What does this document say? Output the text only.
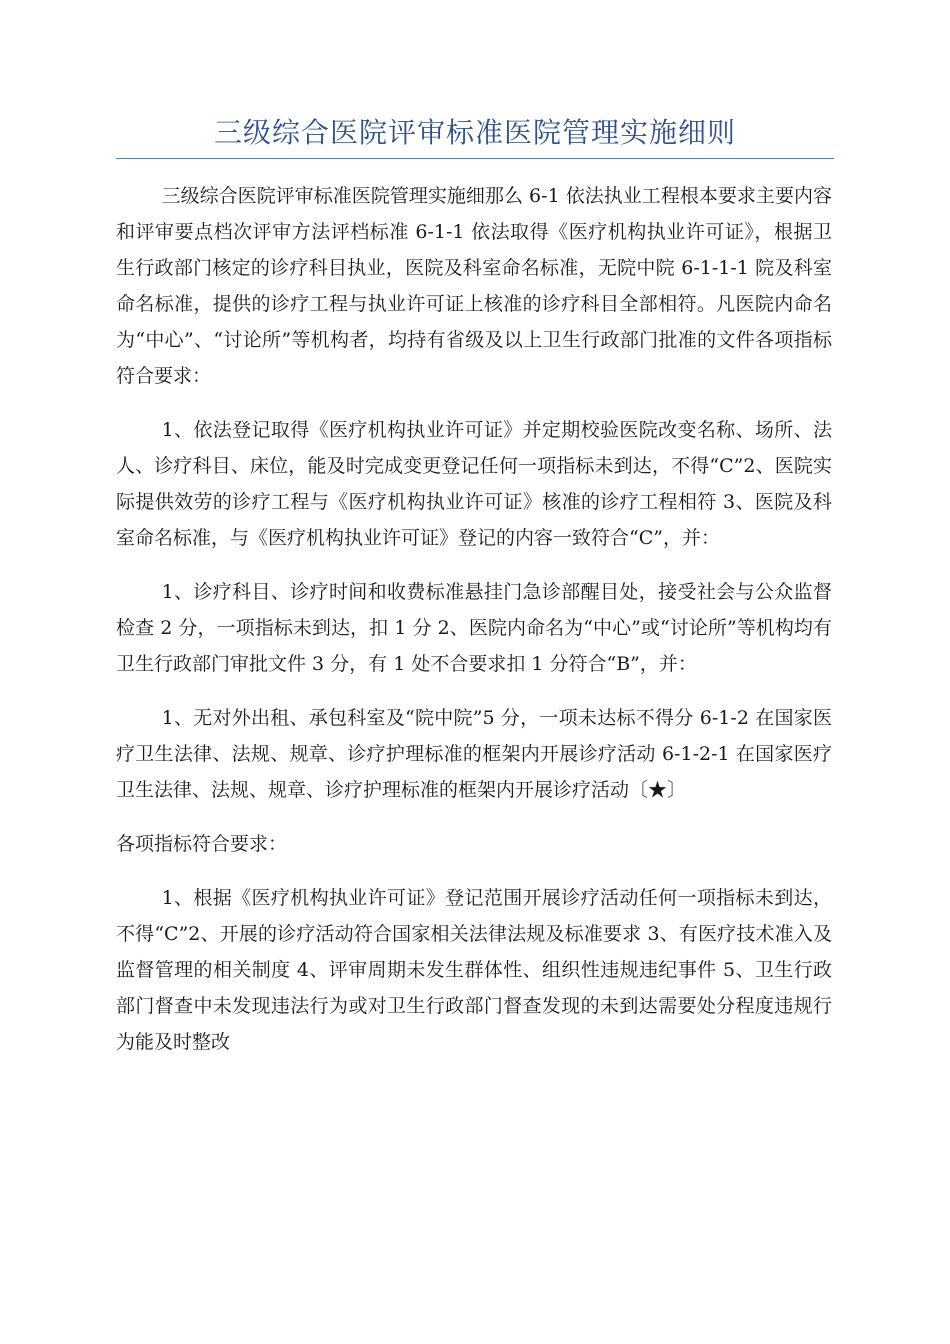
三级综合医院评审标准医院管理实施细则

三级综合医院评审标准医院管理实施细那么 6-1 依法执业工程根本要求主要内容和评审要点档次评审方法评档标准 6-1-1 依法取得《医疗机构执业许可证》，根据卫生行政部门核定的诊疗科目执业，医院及科室命名标准，无院中院 6-1-1-1 院及科室命名标准，提供的诊疗工程与执业许可证上核准的诊疗科目全部相符。凡医院内命名为“中心”、“讨论所”等机构者，均持有省级及以上卫生行政部门批准的文件各项指标符合要求：

1、依法登记取得《医疗机构执业许可证》并定期校验医院改变名称、场所、法人、诊疗科目、床位，能及时完成变更登记任何一项指标未到达，不得“C”2、医院实际提供效劳的诊疗工程与《医疗机构执业许可证》核准的诊疗工程相符 3、医院及科室命名标准，与《医疗机构执业许可证》登记的内容一致符合“C”，并：

1、诊疗科目、诊疗时间和收费标准悬挂门急诊部醒目处，接受社会与公众监督检查 2 分，一项指标未到达，扣 1 分 2、医院内命名为“中心”或“讨论所”等机构均有卫生行政部门审批文件 3 分，有 1 处不合要求扣 1 分符合“B”，并：

1、无对外出租、承包科室及“院中院”5 分，一项未达标不得分 6-1-2 在国家医疗卫生法律、法规、规章、诊疗护理标准的框架内开展诊疗活动 6-1-2-1 在国家医疗卫生法律、法规、规章、诊疗护理标准的框架内开展诊疗活动〔★〕

各项指标符合要求：

1、根据《医疗机构执业许可证》登记范围开展诊疗活动任何一项指标未到达，不得“C”2、开展的诊疗活动符合国家相关法律法规及标准要求 3、有医疗技术准入及监督管理的相关制度 4、评审周期未发生群体性、组织性违规违纪事件 5、卫生行政部门督查中未发现违法行为或对卫生行政部门督查发现的未到达需要处分程度违规行为能及时整改
